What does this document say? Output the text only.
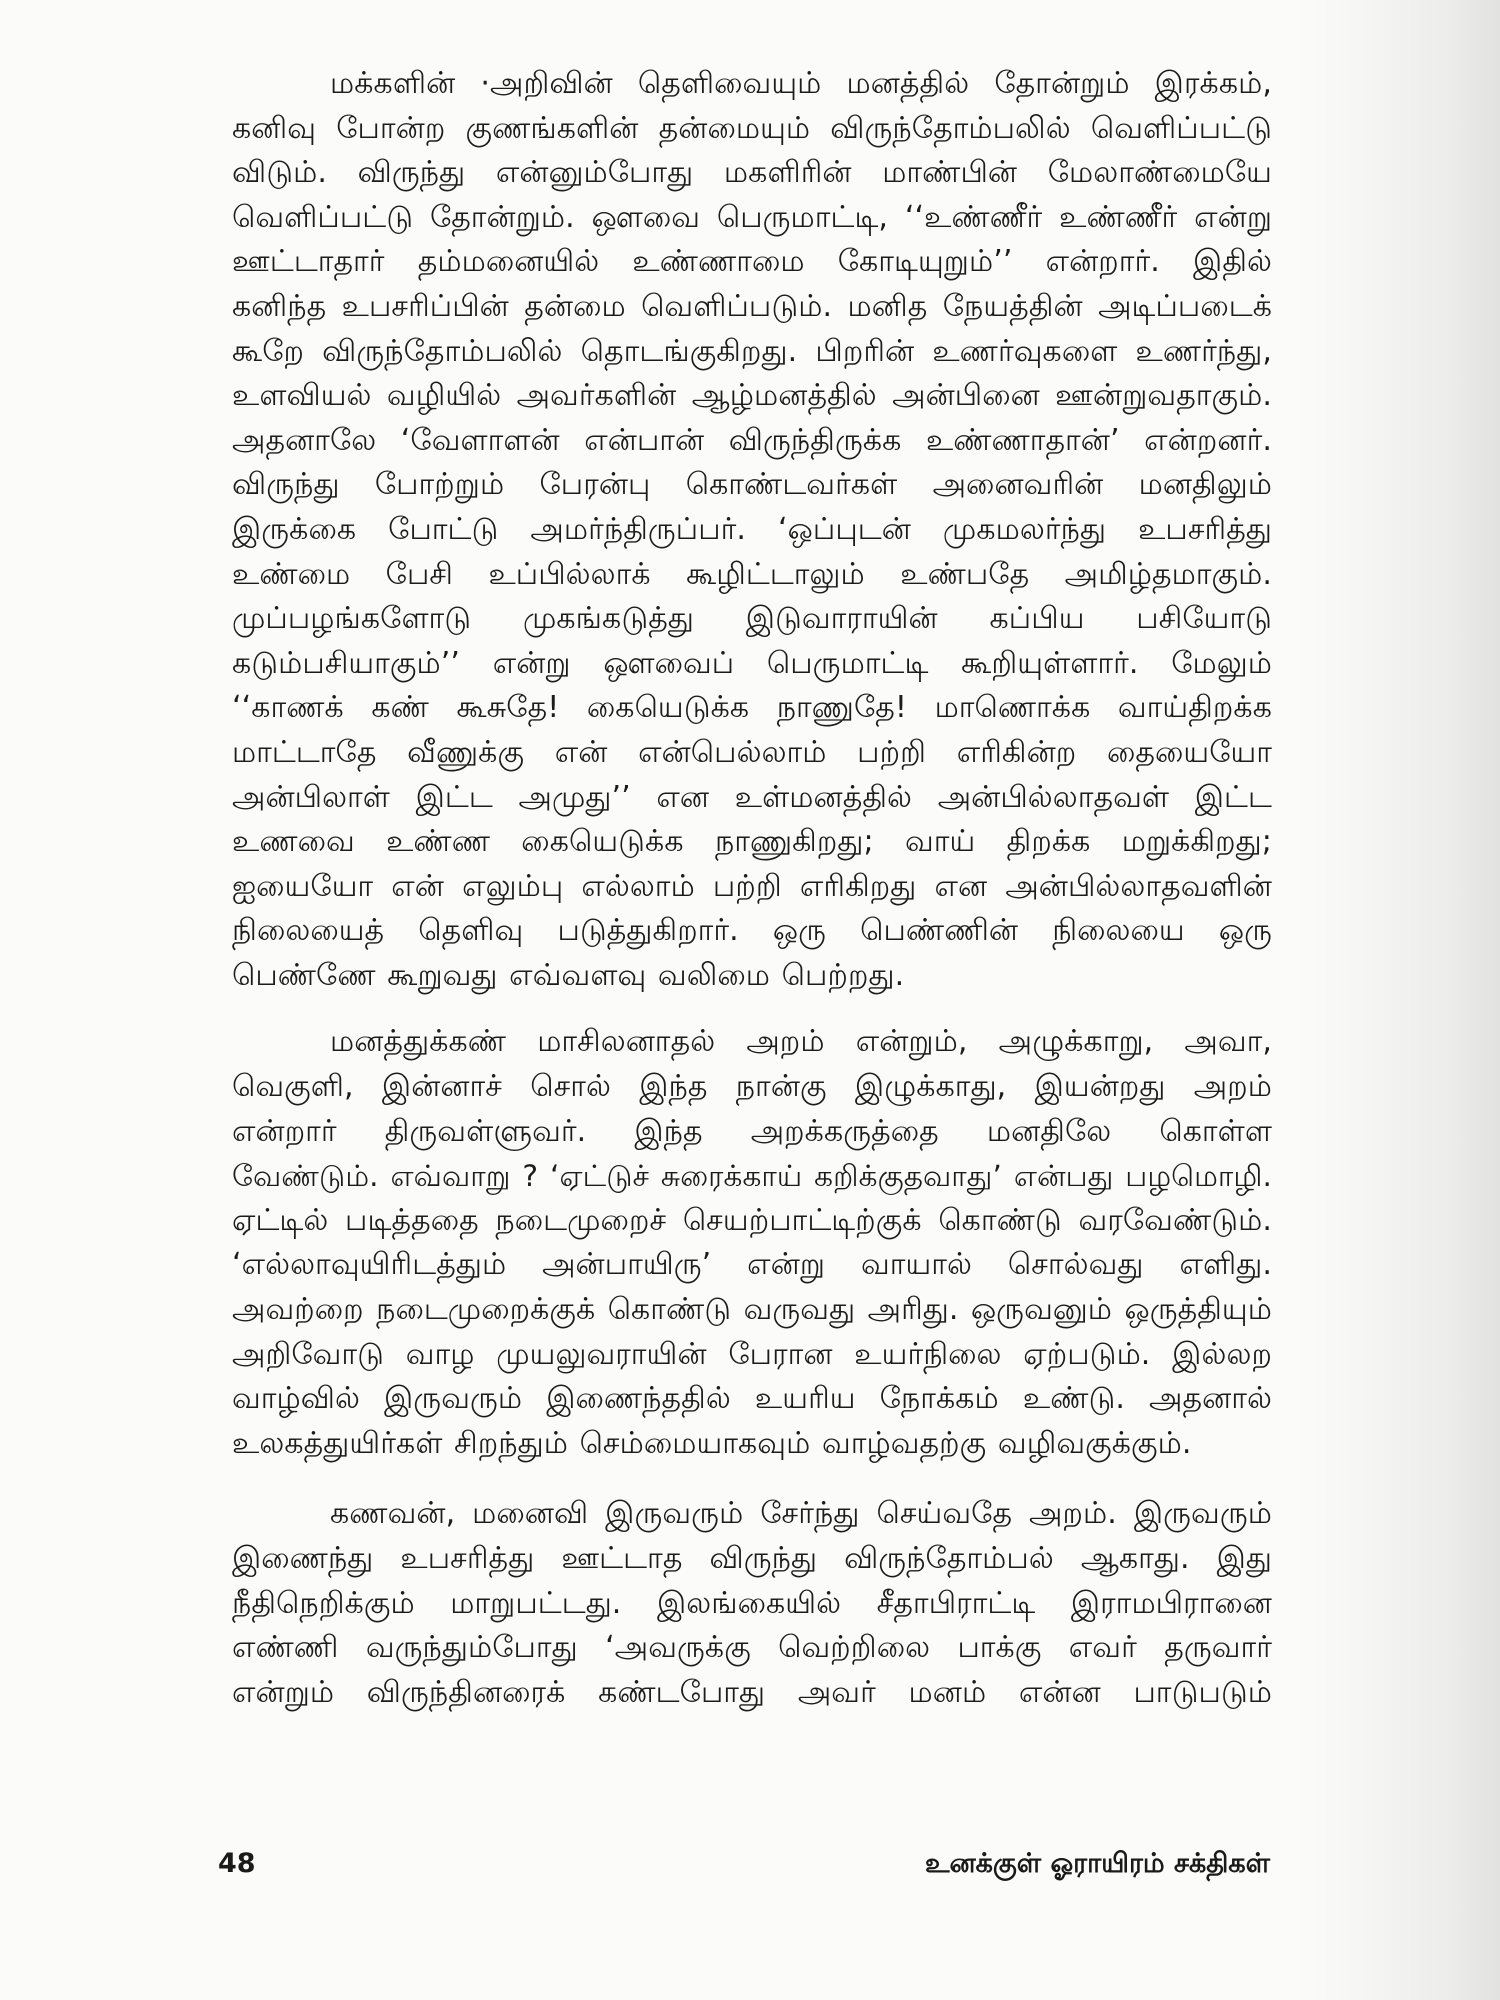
மக்களின் ·அறிவின் தெளிவையும் மனத்தில் தோன்றும் இரக்கம்,
கனிவு போன்ற குணங்களின் தன்மையும் விருந்தோம்பலில் வெளிப்பட்டு
விடும். விருந்து என்னும்போது மகளிரின் மாண்பின் மேலாண்மையே
வெளிப்பட்டு தோன்றும். ஔவை பெருமாட்டி, ‘‘உண்ணீர் உண்ணீர் என்று
ஊட்டாதார் தம்மனையில் உண்ணாமை கோடியுறும்’’ என்றார். இதில்
கனிந்த உபசரிப்பின் தன்மை வெளிப்படும். மனித நேயத்தின் அடிப்படைக்
கூறே விருந்தோம்பலில் தொடங்குகிறது. பிறரின் உணர்வுகளை உணர்ந்து,
உளவியல் வழியில் அவர்களின் ஆழ்மனத்தில் அன்பினை ஊன்றுவதாகும்.
அதனாலே ‘வேளாளன் என்பான் விருந்திருக்க உண்ணாதான்’ என்றனர்.
விருந்து போற்றும் பேரன்பு கொண்டவர்கள் அனைவரின் மனதிலும்
இருக்கை போட்டு அமர்ந்திருப்பர். ‘ஒப்புடன் முகமலர்ந்து உபசரித்து
உண்மை பேசி உப்பில்லாக் கூழிட்டாலும் உண்பதே அமிழ்தமாகும்.
முப்பழங்களோடு முகங்கடுத்து இடுவாராயின் கப்பிய பசியோடு
கடும்பசியாகும்’’ என்று ஔவைப் பெருமாட்டி கூறியுள்ளார். மேலும்
‘‘காணக் கண் கூசுதே! கையெடுக்க நாணுதே! மாணொக்க வாய்திறக்க
மாட்டாதே வீணுக்கு என் என்பெல்லாம் பற்றி எரிகின்ற தையையோ
அன்பிலாள் இட்ட அமுது’’ என உள்மனத்தில் அன்பில்லாதவள் இட்ட
உணவை உண்ண கையெடுக்க நாணுகிறது; வாய் திறக்க மறுக்கிறது;
ஐயையோ என் எலும்பு எல்லாம் பற்றி எரிகிறது என அன்பில்லாதவளின்
நிலையைத் தெளிவு படுத்துகிறார். ஒரு பெண்ணின் நிலையை ஒரு
பெண்ணே கூறுவது எவ்வளவு வலிமை பெற்றது.

மனத்துக்கண் மாசிலனாதல் அறம் என்றும், அழுக்காறு, அவா,
வெகுளி, இன்னாச் சொல் இந்த நான்கு இழுக்காது, இயன்றது அறம்
என்றார் திருவள்ளுவர். இந்த அறக்கருத்தை மனதிலே கொள்ள
வேண்டும். எவ்வாறு ? ‘ஏட்டுச் சுரைக்காய் கறிக்குதவாது’ என்பது பழமொழி.
ஏட்டில் படித்ததை நடைமுறைச் செயற்பாட்டிற்குக் கொண்டு வரவேண்டும்.
‘எல்லாவுயிரிடத்தும் அன்பாயிரு’ என்று வாயால் சொல்வது எளிது.
அவற்றை நடைமுறைக்குக் கொண்டு வருவது அரிது. ஒருவனும் ஒருத்தியும்
அறிவோடு வாழ முயலுவராயின் பேரான உயர்நிலை ஏற்படும். இல்லற
வாழ்வில் இருவரும் இணைந்ததில் உயரிய நோக்கம் உண்டு. அதனால்
உலகத்துயிர்கள் சிறந்தும் செம்மையாகவும் வாழ்வதற்கு வழிவகுக்கும்.

கணவன், மனைவி இருவரும் சேர்ந்து செய்வதே அறம். இருவரும்
இணைந்து உபசரித்து ஊட்டாத விருந்து விருந்தோம்பல் ஆகாது. இது
நீதிநெறிக்கும் மாறுபட்டது. இலங்கையில் சீதாபிராட்டி இராமபிரானை
எண்ணி வருந்தும்போது ‘அவருக்கு வெற்றிலை பாக்கு எவர் தருவார்
என்றும் விருந்தினரைக் கண்டபோது அவர் மனம் என்ன பாடுபடும்

48	உனக்குள் ஓராயிரம் சக்திகள்
